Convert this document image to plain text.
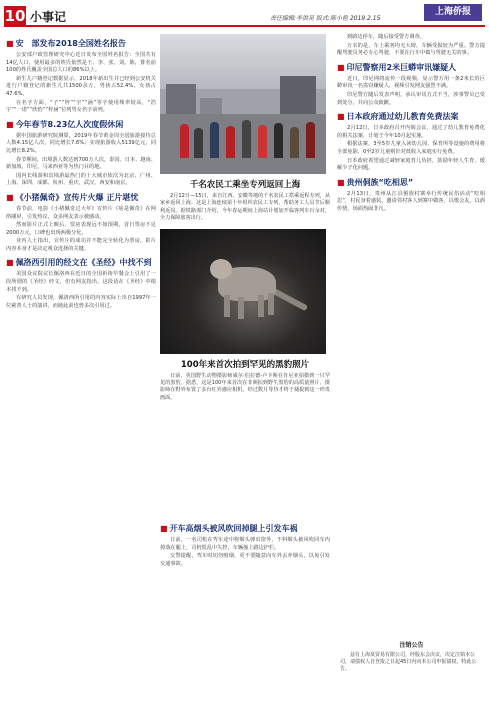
10 小事记	责任编辑:李洪昊 版式:陈小艳 2019.2.15
上海侨报
■ 安　部发布2018全国姓名报告

公安部户政管理研究中心近日发布全国姓名报告：全国共有14亿人口，使用最多的姓氏依然是王、李、张、刘、陈，排名前100的姓氏覆盖全国总人口的86%以上。

新生儿户籍登记数据显示，2018年新出生并已经到公安机关进行户籍登记的新生儿共1500余万，男孩占52.4%，女孩占47.6%。

在名字方面，“子”“梓”“宇”“涵”等字使用频率较高，“浩宇”“一诺”“欣怡”“梓涵”位列男女名字前列。

■ 今年春节8.23亿人次度假休闲

据中国旅游研究院测算，2019年春节黄金周全国旅游接待总人数4.15亿人次，同比增长7.6%；实现旅游收入5139亿元，同比增长8.2%。

春节期间，出境游人数达到700万人次，泰国、日本、越南、新加坡、印尼、马来西亚等为热门目的地。

国内长线游和出境游最热门的十大城市依次为北京、广州、上海、深圳、成都、杭州、重庆、武汉、西安和南京。

■ 《小猪佩奇》宣传片火爆 正片堪忧

春节前，电影《小猪佩奇过大年》宣传片《啥是佩奇》在网络刷屏，引发热议，众多网友表示被感动。

然而影片正式上映后，票房表现远不如预期，首日票房不足2000万元，口碑也出现两极分化。

业内人士指出，宣传片的成功并不能完全转化为票房，影片内容本身才是决定观众选择的关键。

■ 佩洛西引用的经文在《圣经》中找不到

美国众议院议长佩洛西在近日的全国祈祷早餐会上引用了一段所谓的《圣经》经文，但有网友指出，这段话在《圣经》中根本找不到。

有研究人员发现，佩洛西所引用的内容实际上出自1997年一位慈善人士的演讲，而她此前也曾多次引用过。

千名农民工乘坐专列返回上海

2月12日—15日，来自江西、安徽等地的千名农民工搭乘返程专列，从家乡返回上海。这是上海连续第十年组织农民工专列，帮助务工人员节后顺利返岗。据铁路部门介绍，今年春运期间上海站计划加开临客列车百余对，全力保障旅客出行。

100年来首次拍到罕见的黑豹照片

日前，英国野生动物摄影师威尔·伯拉德-卢卡斯在肯尼亚拍摄到一只罕见的黑豹。据悉，这是100年来首次在非洲拍到野生黑豹的高质量照片。摄影师在野外布置了多台红外感应相机，经过数月等待才终于捕捉到这一珍贵画面。

■ 开车高烟头被风吹回掉腿上引发车祸

日前，一名司机在驾车途中将烟头弹出窗外，不料烟头被风吹回车内掉落在腿上，司机慌乱中失控，车辆撞上路边护栏。

交警提醒，驾车时切勿吸烟，更不要随意向车外丢弃烟头，以免引发交通事故。

到路边停车，随后接受警方调查。

万幸的是，车上乘客均无大碍，车辆受损较为严重。警方提醒驾驶员务必专心驾驶，不要在行车中做与驾驶无关的事。

■ 印尼警察用2米巨蟒审讯嫌疑人

近日，印尼网络流传一段视频，显示警方用一条2米长的巨蟒审讯一名盗窃嫌疑人，视频引发网友强烈不满。

印尼警方随后发表声明，承认审讯方式不当，涉事警员已受到处分，并向公众致歉。

■ 日本政府通过幼儿教育免费法案

2月12日，日本政府召开内阁会议，通过了幼儿教育免费化的相关法案，计划于今年10月起实施。

根据法案，3至5岁儿童入读幼儿园、保育所等设施的费用将全部免除，0至2岁儿童则针对低收入家庭实行免费。

日本政府希望通过减轻家庭育儿负担，鼓励年轻人生育，缓解少子化问题。

■ 贵州侗族“吃相思”

2月13日，贵州从江县侗族村寨举行传统民俗活动“吃相思”，村民身着盛装，邀请邻村客人到寨中做客，以歌会友，以酒传情，场面热闹非凡。

注销公告

兹有上海某贸易有限公司，经股东会决议，决定注销本公司，请债权人自登报之日起45日内向本公司申报债权。特此公告。
